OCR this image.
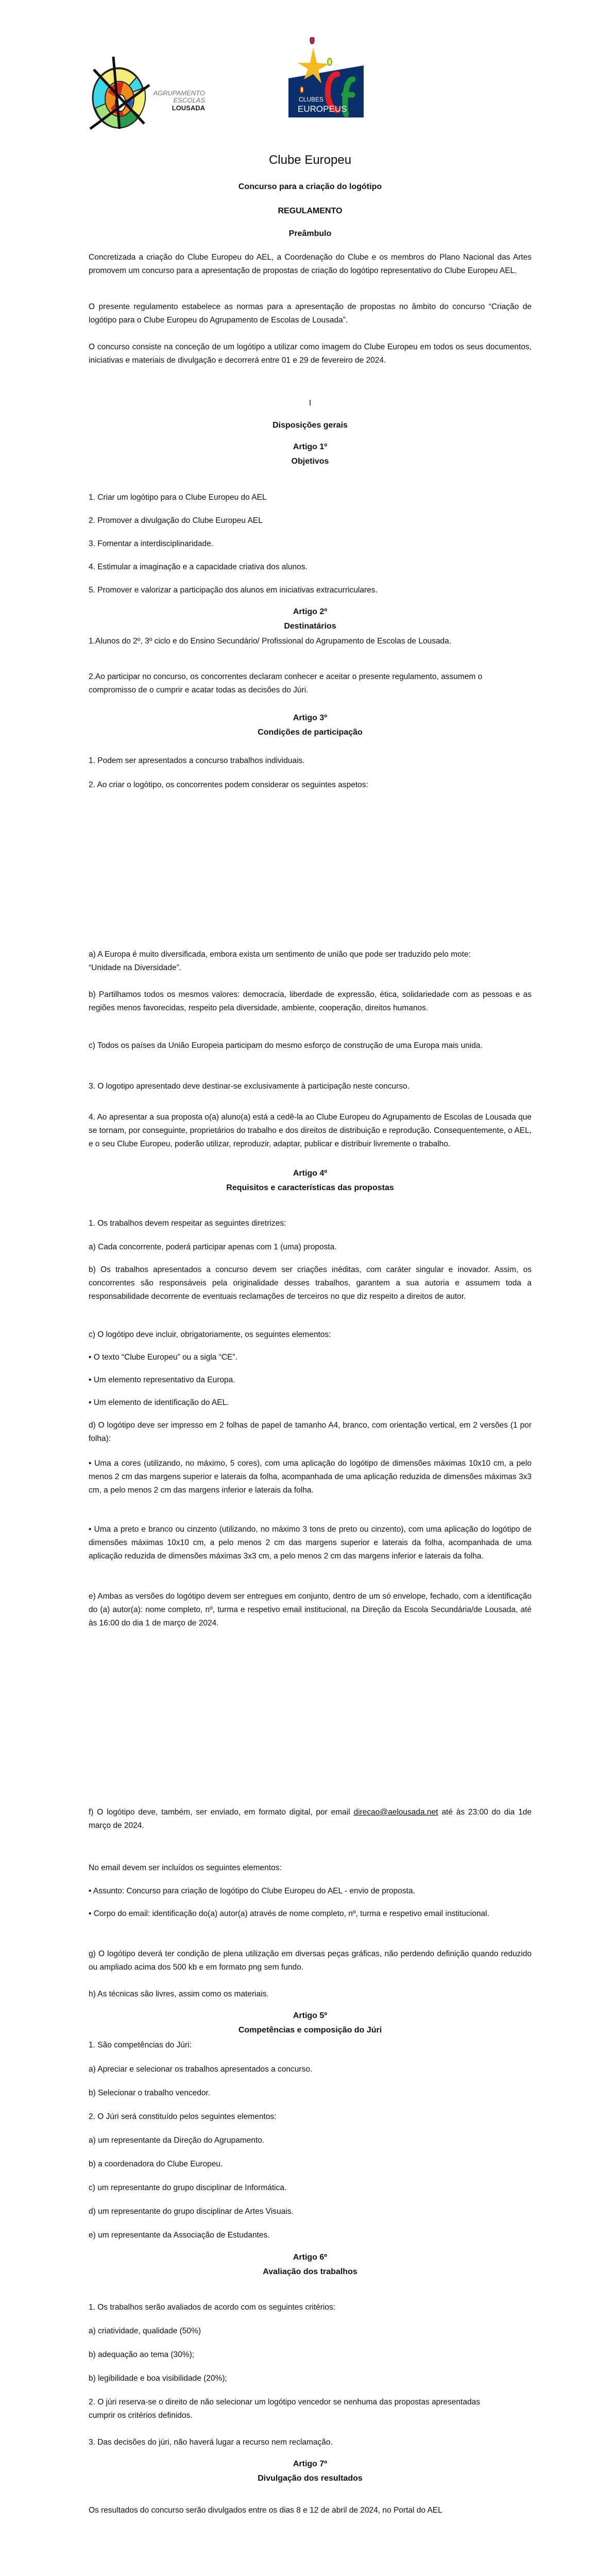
AGRUPAMENTO
ESCOLAS
LOUSADA
CLUBES
EUROPEUS
Clube Europeu
Concurso para a criação do logótipo
REGULAMENTO
Preâmbulo
Concretizada a criação do Clube Europeu do AEL, a Coordenação do Clube e os membros do Plano Nacional das Artes promovem um concurso para a apresentação de propostas de criação do logótipo representativo do Clube Europeu AEL.
O presente regulamento estabelece as normas para a apresentação de propostas no âmbito do concurso “Criação de logótipo para o Clube Europeu do Agrupamento de Escolas de Lousada”.
O concurso consiste na conceção de um logótipo a utilizar como imagem do Clube Europeu em todos os seus documentos, iniciativas e materiais de divulgação e decorrerá entre 01 e 29 de fevereiro de 2024.
I
Disposições gerais
Artigo 1º
Objetivos
1. Criar um logótipo para o Clube Europeu do AEL
2. Promover a divulgação do Clube Europeu AEL
3. Fomentar a interdisciplinaridade.
4. Estimular a imaginação e a capacidade criativa dos alunos.
5. Promover e valorizar a participação dos alunos em iniciativas extracurriculares.
Artigo 2º
Destinatários
1.Alunos do 2º, 3º ciclo e do Ensino Secundário/ Profissional do Agrupamento de Escolas de Lousada.
2.Ao participar no concurso, os concorrentes declaram conhecer e aceitar o presente regulamento, assumem o compromisso de o cumprir e acatar todas as decisões do Júri.
Artigo 3º
Condições de participação
1. Podem ser apresentados a concurso trabalhos individuais.
2. Ao criar o logótipo, os concorrentes podem considerar os seguintes aspetos:
a) A Europa é muito diversificada, embora exista um sentimento de união que pode ser traduzido pelo mote: “Unidade na Diversidade”.
b) Partilhamos todos os mesmos valores: democracia, liberdade de expressão, ética, solidariedade com as pessoas e as regiões menos favorecidas, respeito pela diversidade, ambiente, cooperação, direitos humanos.
c) Todos os países da União Europeia participam do mesmo esforço de construção de uma Europa mais unida.
3. O logotipo apresentado deve destinar-se exclusivamente à participação neste concurso.
4. Ao apresentar a sua proposta o(a) aluno(a) está a cedê-la ao Clube Europeu do Agrupamento de Escolas de Lousada que se tornam, por conseguinte, proprietários do trabalho e dos direitos de distribuição e reprodução. Consequentemente, o AEL, e o seu Clube Europeu, poderão utilizar, reproduzir, adaptar, publicar e distribuir livremente o trabalho.
Artigo 4º
Requisitos e características das propostas
1. Os trabalhos devem respeitar as seguintes diretrizes:
a) Cada concorrente, poderá participar apenas com 1 (uma) proposta.
b) Os trabalhos apresentados a concurso devem ser criações inéditas, com caráter singular e inovador. Assim, os concorrentes são responsáveis pela originalidade desses trabalhos, garantem a sua autoria e assumem toda a responsabilidade decorrente de eventuais reclamações de terceiros no que diz respeito a direitos de autor.
c) O logótipo deve incluir, obrigatoriamente, os seguintes elementos:
• O texto “Clube Europeu” ou a sigla “CE”.
• Um elemento representativo da Europa.
• Um elemento de identificação do AEL.
d) O logótipo deve ser impresso em 2 folhas de papel de tamanho A4, branco, com orientação vertical, em 2 versões (1 por folha):
• Uma a cores (utilizando, no máximo, 5 cores), com uma aplicação do logótipo de dimensões máximas 10x10 cm, a pelo menos 2 cm das margens superior e laterais da folha, acompanhada de uma aplicação reduzida de dimensões máximas 3x3 cm, a pelo menos 2 cm das margens inferior e laterais da folha.
• Uma a preto e branco ou cinzento (utilizando, no máximo 3 tons de preto ou cinzento), com uma aplicação do logótipo de dimensões máximas 10x10 cm, a pelo menos 2 cm das margens superior e laterais da folha, acompanhada de uma aplicação reduzida de dimensões máximas 3x3 cm, a pelo menos 2 cm das margens inferior e laterais da folha.
e) Ambas as versões do logótipo devem ser entregues em conjunto, dentro de um só envelope, fechado, com a identificação do (a) autor(a): nome completo, nº, turma e respetivo email institucional, na Direção da Escola Secundária/de Lousada, até às 16:00 do dia 1 de março de 2024.
f) O logótipo deve, também, ser enviado, em formato digital, por email direcao@aelousada.net até às 23:00 do dia 1de março de 2024.
No email devem ser incluídos os seguintes elementos:
• Assunto: Concurso para criação de logótipo do Clube Europeu do AEL - envio de proposta.
• Corpo do email: identificação do(a) autor(a) através de nome completo, nº, turma e respetivo email institucional.
g) O logótipo deverá ter condição de plena utilização em diversas peças gráficas, não perdendo definição quando reduzido ou ampliado acima dos 500 kb e em formato png sem fundo.
h) As técnicas são livres, assim como os materiais.
Artigo 5º
Competências e composição do Júri
1. São competências do Júri:
a) Apreciar e selecionar os trabalhos apresentados a concurso.
b) Selecionar o trabalho vencedor.
2. O Júri será constituído pelos seguintes elementos:
a) um representante da Direção do Agrupamento.
b) a coordenadora do Clube Europeu.
c) um representante do grupo disciplinar de Informática.
d) um representante do grupo disciplinar de Artes Visuais.
e) um representante da Associação de Estudantes.
Artigo 6º
Avaliação dos trabalhos
1. Os trabalhos serão avaliados de acordo com os seguintes critérios:
a) criatividade, qualidade (50%)
b) adequação ao tema (30%);
b) legibilidade e boa visibilidade (20%);
2. O júri reserva-se o direito de não selecionar um logótipo vencedor se nenhuma das propostas apresentadas cumprir os critérios definidos.
3. Das decisões do júri, não haverá lugar a recurso nem reclamação.
Artigo 7º
Divulgação dos resultados
Os resultados do concurso serão divulgados entre os dias 8 e 12 de abril de 2024, no Portal do AEL
